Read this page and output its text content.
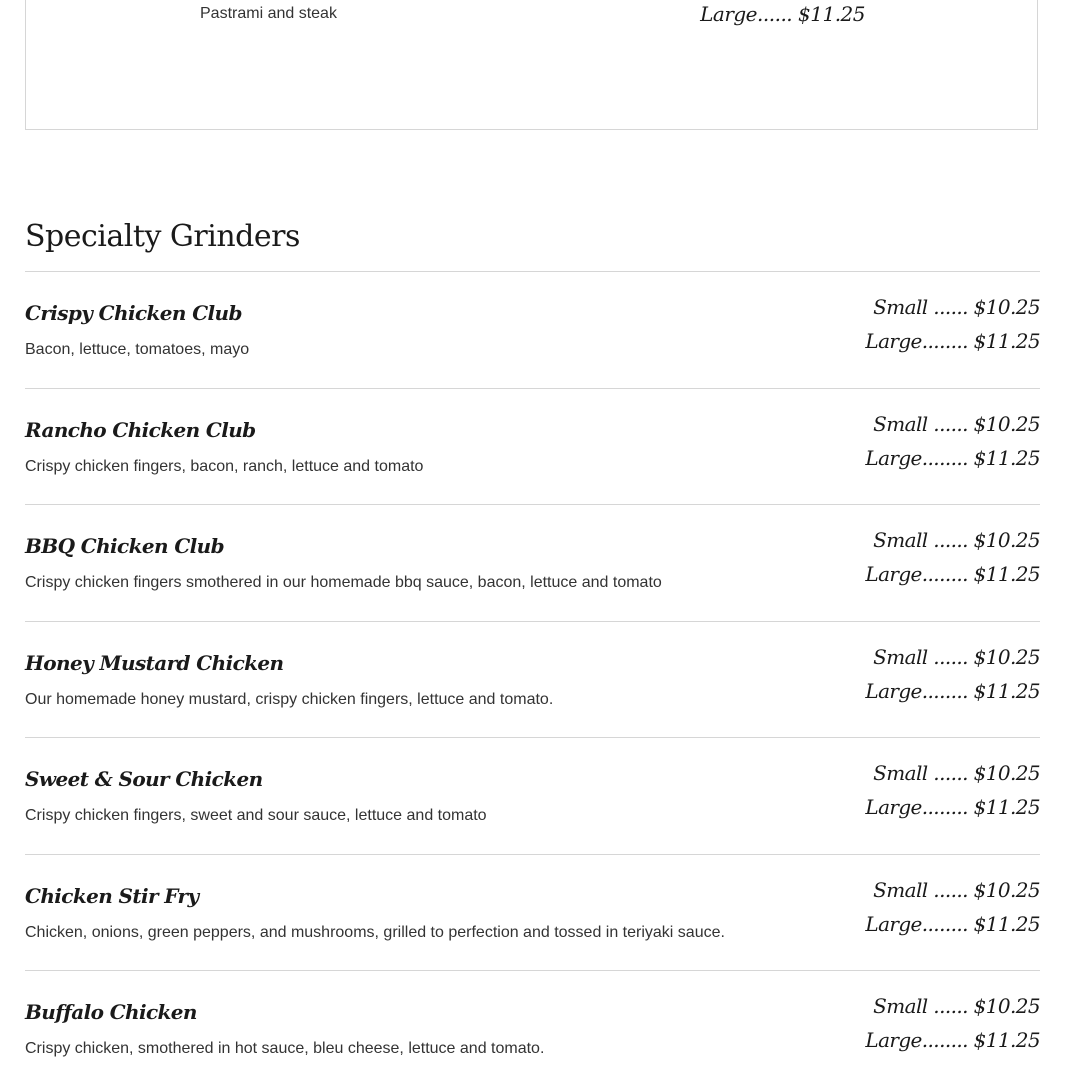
Pastrami and steak	Large...... $11.25
Specialty Grinders
Crispy Chicken Club
Bacon, lettuce, tomatoes, mayo
Small ...... $10.25
Large........ $11.25
Rancho Chicken Club
Crispy chicken fingers, bacon, ranch, lettuce and tomato
Small ...... $10.25
Large........ $11.25
BBQ Chicken Club
Crispy chicken fingers smothered in our homemade bbq sauce, bacon, lettuce and tomato
Small ...... $10.25
Large........ $11.25
Honey Mustard Chicken
Our homemade honey mustard, crispy chicken fingers, lettuce and tomato.
Small ...... $10.25
Large........ $11.25
Sweet & Sour Chicken
Crispy chicken fingers, sweet and sour sauce, lettuce and tomato
Small ...... $10.25
Large........ $11.25
Chicken Stir Fry
Chicken, onions, green peppers, and mushrooms, grilled to perfection and tossed in teriyaki sauce.
Small ...... $10.25
Large........ $11.25
Buffalo Chicken
Crispy chicken, smothered in hot sauce, bleu cheese, lettuce and tomato.
Small ...... $10.25
Large........ $11.25
